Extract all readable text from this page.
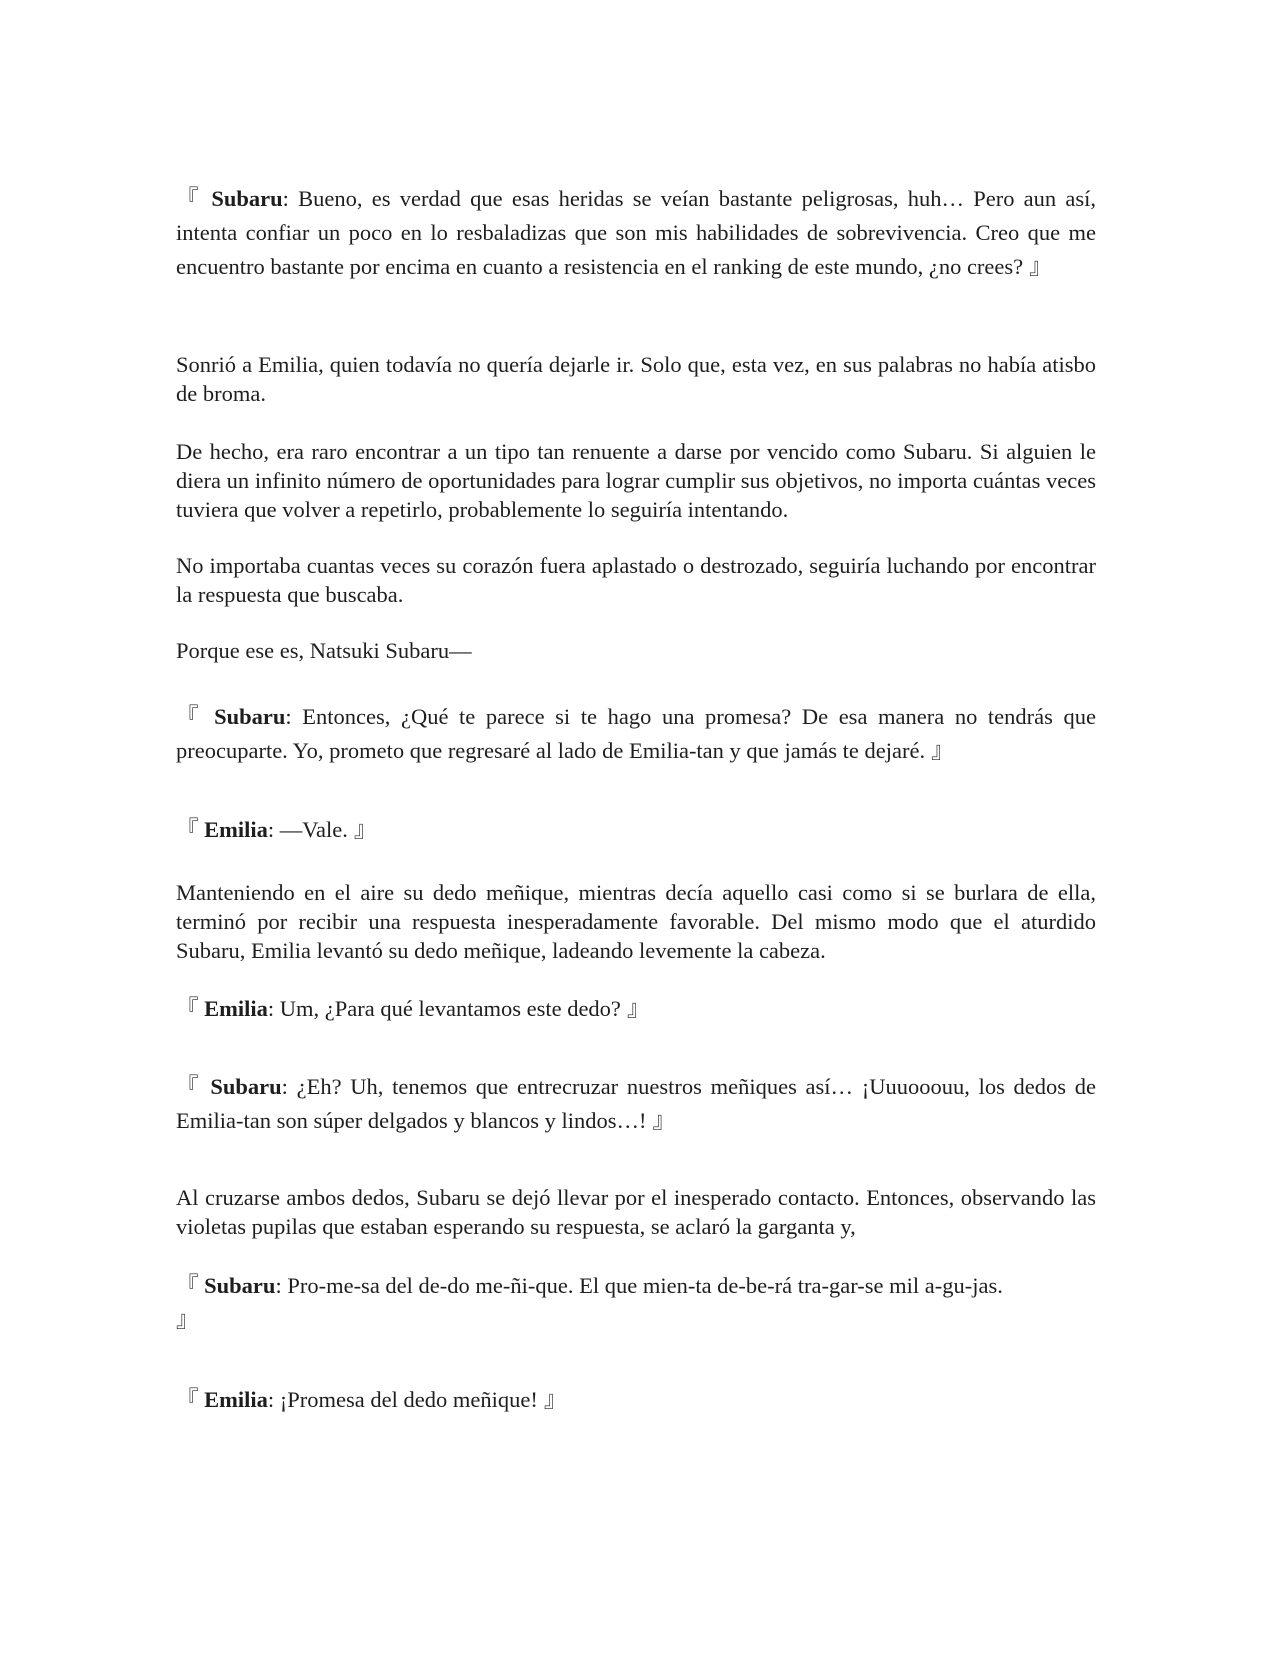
『 Subaru: Bueno, es verdad que esas heridas se veían bastante peligrosas, huh… Pero aun así, intenta confiar un poco en lo resbaladizas que son mis habilidades de sobrevivencia. Creo que me encuentro bastante por encima en cuanto a resistencia en el ranking de este mundo, ¿no crees? 』

Sonrió a Emilia, quien todavía no quería dejarle ir. Solo que, esta vez, en sus palabras no había atisbo de broma.

De hecho, era raro encontrar a un tipo tan renuente a darse por vencido como Subaru. Si alguien le diera un infinito número de oportunidades para lograr cumplir sus objetivos, no importa cuántas veces tuviera que volver a repetirlo, probablemente lo seguiría intentando.

No importaba cuantas veces su corazón fuera aplastado o destrozado, seguiría luchando por encontrar la respuesta que buscaba.

Porque ese es, Natsuki Subaru—

『 Subaru: Entonces, ¿Qué te parece si te hago una promesa? De esa manera no tendrás que preocuparte. Yo, prometo que regresaré al lado de Emilia-tan y que jamás te dejaré. 』

『 Emilia: —Vale. 』

Manteniendo en el aire su dedo meñique, mientras decía aquello casi como si se burlara de ella, terminó por recibir una respuesta inesperadamente favorable. Del mismo modo que el aturdido Subaru, Emilia levantó su dedo meñique, ladeando levemente la cabeza.

『 Emilia: Um, ¿Para qué levantamos este dedo? 』

『 Subaru: ¿Eh? Uh, tenemos que entrecruzar nuestros meñiques así… ¡Uuuooouu, los dedos de Emilia-tan son súper delgados y blancos y lindos…! 』

Al cruzarse ambos dedos, Subaru se dejó llevar por el inesperado contacto. Entonces, observando las violetas pupilas que estaban esperando su respuesta, se aclaró la garganta y,

『 Subaru: Pro-me-sa del de-do me-ñi-que. El que mien-ta de-be-rá tra-gar-se mil a-gu-jas.
』

『 Emilia: ¡Promesa del dedo meñique! 』
